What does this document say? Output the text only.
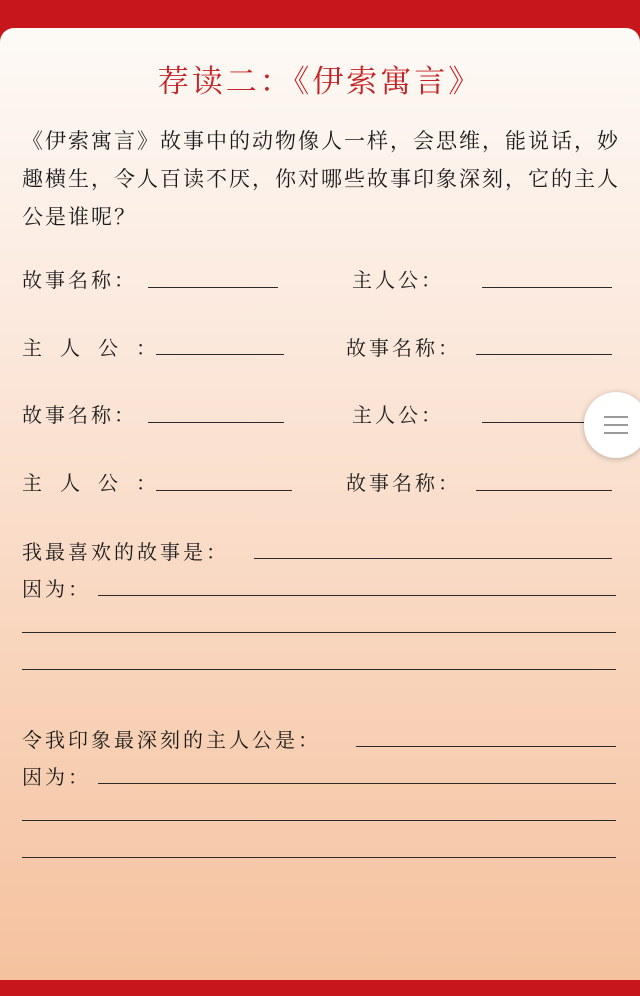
荐读二：《伊索寓言》
《伊索寓言》故事中的动物像人一样，会思维，能说话，妙趣横生，令人百读不厌，你对哪些故事印象深刻，它的主人公是谁呢？
故事名称：	主人公：
主人公：	故事名称：
故事名称：	主人公：
主人公：	故事名称：
我最喜欢的故事是：
因为：
令我印象最深刻的主人公是：
因为：
